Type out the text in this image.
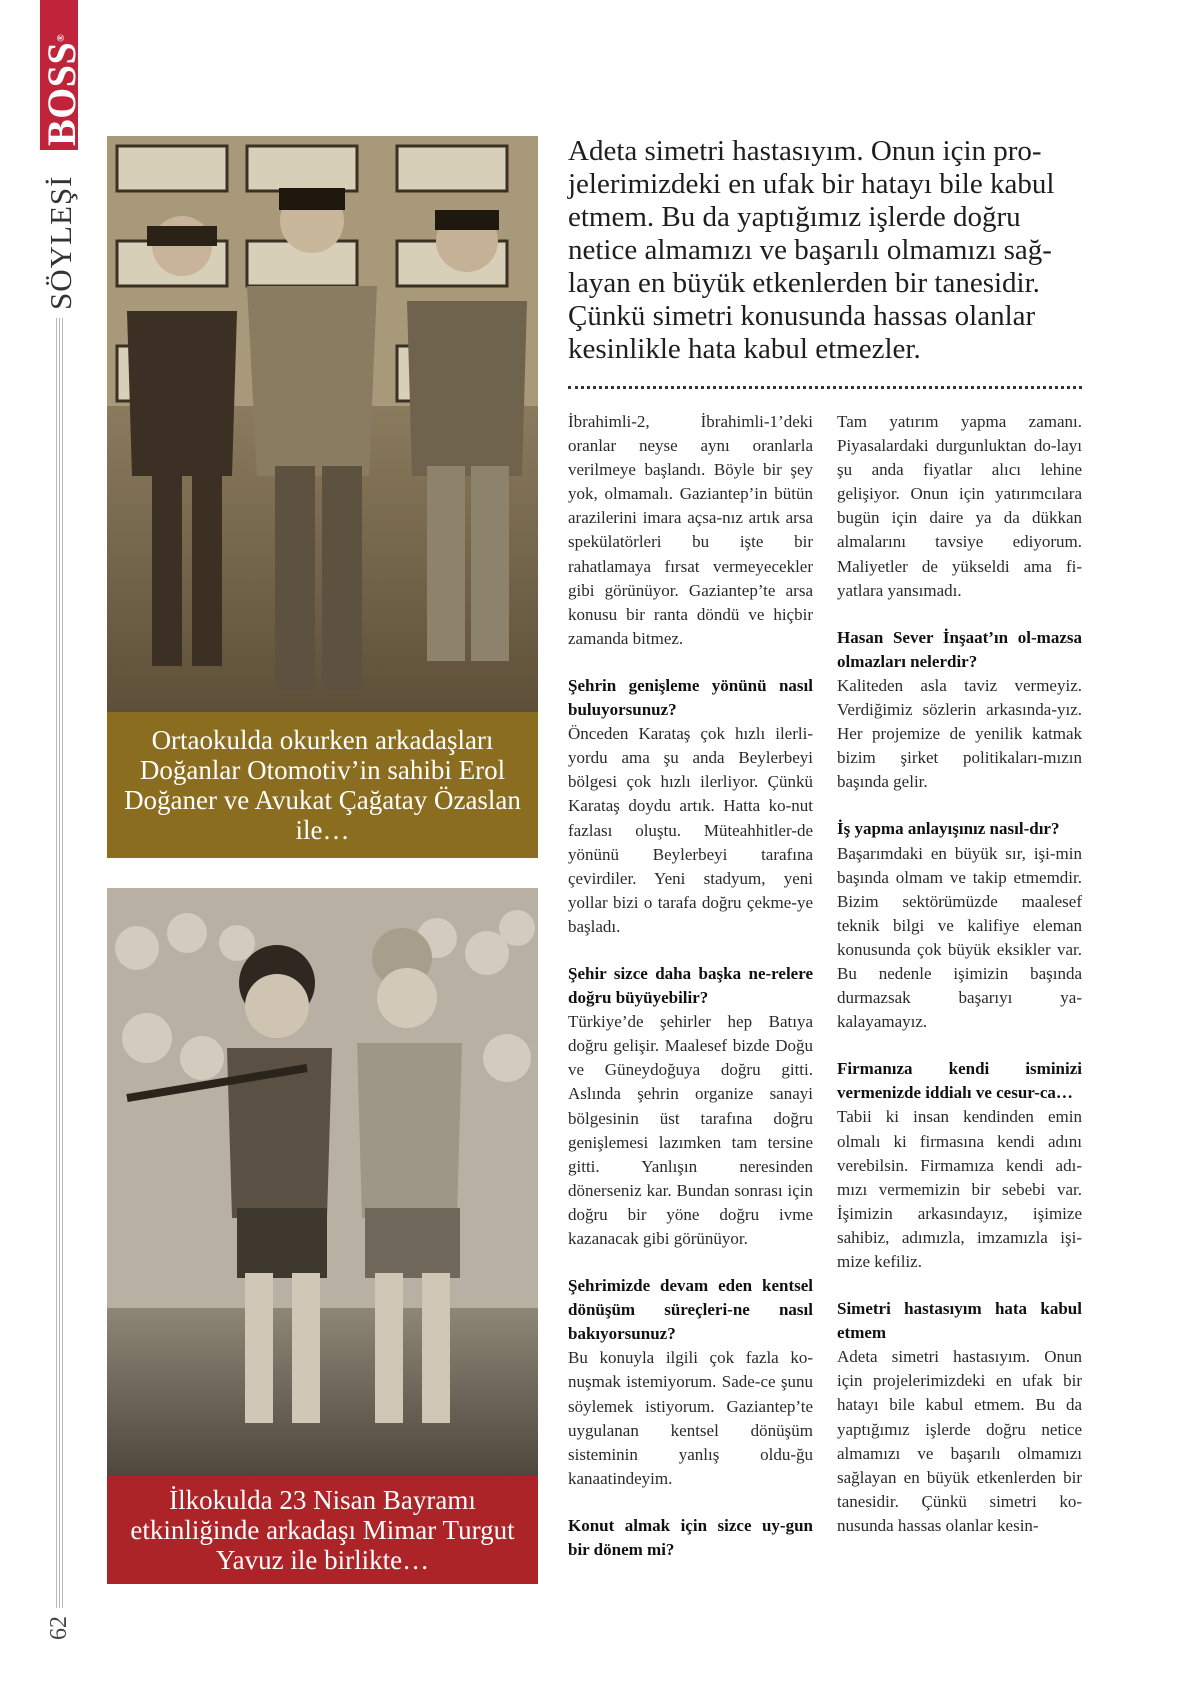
BOSS®
SÖYLEŞİ
62
Ortaokulda okurken arkadaşları Doğanlar Otomotiv’in sahibi Erol Doğaner ve Avukat Çağatay Özaslan ile…
İlkokulda 23 Nisan Bayramı etkinliğinde arkadaşı Mimar Turgut Yavuz ile birlikte…
Adeta simetri hastasıyım. Onun için pro-jelerimizdeki en ufak bir hatayı bile kabul etmem. Bu da yaptığımız işlerde doğru netice almamızı ve başarılı olmamızı sağ-layan en büyük etkenlerden bir tanesidir. Çünkü simetri konusunda hassas olanlar kesinlikle hata kabul etmezler.

İbrahimli-2, İbrahimli-1’deki oranlar neyse aynı oranlarla verilmeye başlandı. Böyle bir şey yok, olmamalı. Gaziantep’in bütün arazilerini imara açsa-nız artık arsa spekülatörleri bu işte bir rahatlamaya fırsat vermeyecekler gibi görünüyor. Gaziantep’te arsa konusu bir ranta döndü ve hiçbir zamanda bitmez.

Şehrin genişleme yönünü nasıl buluyorsunuz?

Önceden Karataş çok hızlı ilerli-yordu ama şu anda Beylerbeyi bölgesi çok hızlı ilerliyor. Çünkü Karataş doydu artık. Hatta ko-nut fazlası oluştu. Müteahhitler-de yönünü Beylerbeyi tarafına çevirdiler. Yeni stadyum, yeni yollar bizi o tarafa doğru çekme-ye başladı.

Şehir sizce daha başka ne-relere doğru büyüyebilir?

Türkiye’de şehirler hep Batıya doğru gelişir. Maalesef bizde Doğu ve Güneydoğuya doğru gitti. Aslında şehrin organize sanayi bölgesinin üst tarafına doğru genişlemesi lazımken tam tersine gitti. Yanlışın neresinden dönerseniz kar. Bundan sonrası için doğru bir yöne doğru ivme kazanacak gibi görünüyor.

Şehrimizde devam eden kentsel dönüşüm süreçleri-ne nasıl bakıyorsunuz?

Bu konuyla ilgili çok fazla ko-nuşmak istemiyorum. Sade-ce şunu söylemek istiyorum. Gaziantep’te uygulanan kentsel dönüşüm sisteminin yanlış oldu-ğu kanaatindeyim.

Konut almak için sizce uy-gun bir dönem mi?

Tam yatırım yapma zamanı. Piyasalardaki durgunluktan do-layı şu anda fiyatlar alıcı lehine gelişiyor. Onun için yatırımcılara bugün için daire ya da dükkan almalarını tavsiye ediyorum. Maliyetler de yükseldi ama fi-yatlara yansımadı.

Hasan Sever İnşaat’ın ol-mazsa olmazları nelerdir?

Kaliteden asla taviz vermeyiz. Verdiğimiz sözlerin arkasında-yız. Her projemize de yenilik katmak bizim şirket politikaları-mızın başında gelir.

İş yapma anlayışınız nasıl-dır?

Başarımdaki en büyük sır, işi-min başında olmam ve takip etmemdir. Bizim sektörümüzde maalesef teknik bilgi ve kalifiye eleman konusunda çok büyük eksikler var. Bu nedenle işimizin başında durmazsak başarıyı ya-kalayamayız.

Firmanıza kendi isminizi vermenizde iddialı ve cesur-ca…

Tabii ki insan kendinden emin olmalı ki firmasına kendi adını verebilsin. Firmamıza kendi adı-mızı vermemizin bir sebebi var. İşimizin arkasındayız, işimize sahibiz, adımızla, imzamızla işi-mize kefiliz.

Simetri hastasıyım hata kabul etmem

Adeta simetri hastasıyım. Onun için projelerimizdeki en ufak bir hatayı bile kabul etmem. Bu da yaptığımız işlerde doğru netice almamızı ve başarılı olmamızı sağlayan en büyük etkenlerden bir tanesidir. Çünkü simetri ko-nusunda hassas olanlar kesin-
